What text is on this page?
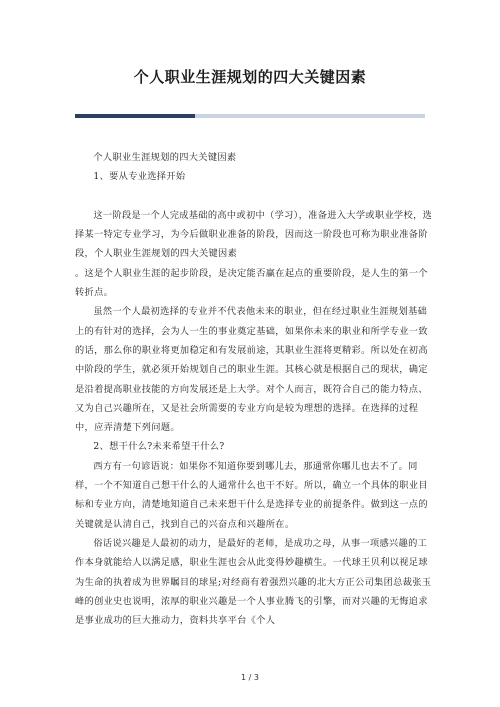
个人职业生涯规划的四大关键因素

个人职业生涯规划的四大关键因素

1、要从专业选择开始

这一阶段是一个人完成基础的高中或初中（学习），准备进入大学或职业学校，选择某一特定专业学习，为今后做职业准备的阶段，因而这一阶段也可称为职业准备阶段，个人职业生涯规划的四大关键因素

。这是个人职业生涯的起步阶段，是决定能否赢在起点的重要阶段，是人生的第一个转折点。

虽然一个人最初选择的专业并不代表他未来的职业，但在经过职业生涯规划基础上的有针对的选择，会为人一生的事业奠定基础，如果你未来的职业和所学专业一致的话，那么你的职业将更加稳定和有发展前途，其职业生涯将更精彩。所以处在初高中阶段的学生，就必须开始规划自己的职业生涯。其核心就是根据自己的现状，确定是沿着提高职业技能的方向发展还是上大学。对个人而言，既符合自己的能力特点、又为自己兴趣所在，又是社会所需要的专业方向是较为理想的选择。在选择的过程中，应弄清楚下列问题。

2、想干什么?未来希望干什么?

西方有一句谚语说：如果你不知道你要到哪儿去，那通常你哪儿也去不了。同样，一个不知道自己想干什么的人通常什么也干不好。所以，确立一个具体的职业目标和专业方向，清楚地知道自己未来想干什么是选择专业的前提条件。做到这一点的关键就是认清自己，找到自己的兴奋点和兴趣所在。

俗话说兴趣是人最初的动力，是最好的老师，是成功之母，从事一项感兴趣的工作本身就能给人以满足感，职业生涯也会从此变得妙趣横生。一代球王贝利以视足球为生命的执着成为世界瞩目的球星;对经商有着强烈兴趣的北大方正公司集团总裁张玉峰的创业史也说明，浓厚的职业兴趣是一个人事业腾飞的引擎，而对兴趣的无悔追求是事业成功的巨大推动力，资料共享平台《个人

1 / 3
